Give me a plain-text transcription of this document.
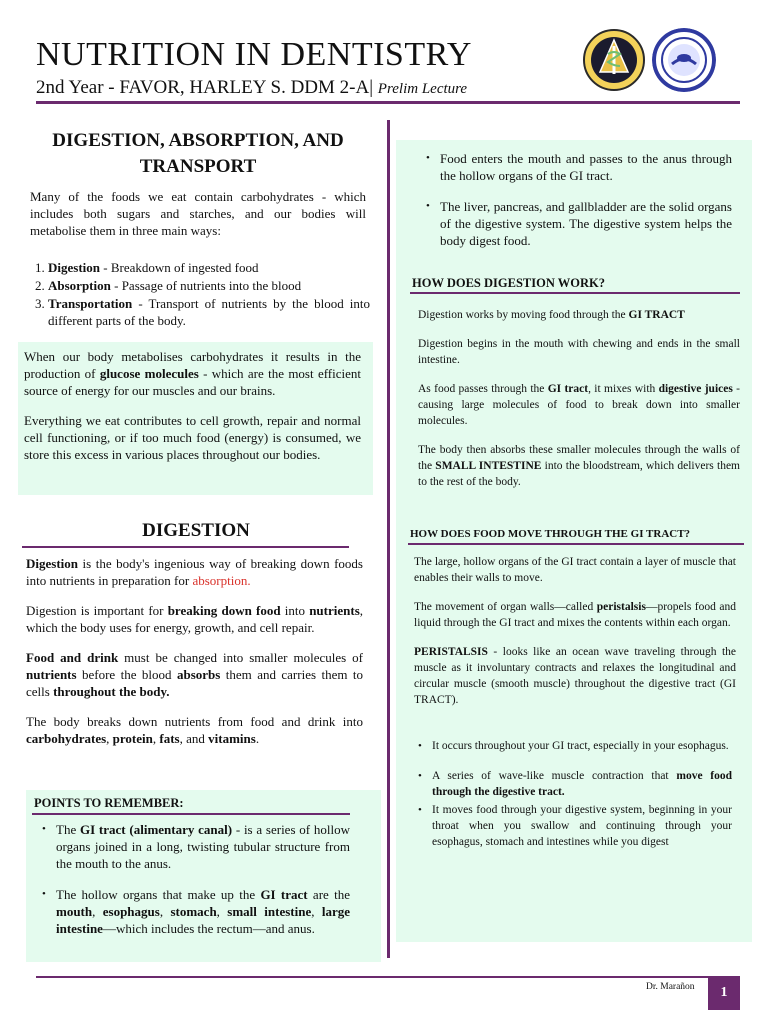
NUTRITION IN DENTISTRY
2nd Year - FAVOR, HARLEY S. DDM 2-A| Prelim Lecture
DIGESTION, ABSORPTION, AND TRANSPORT
Many of the foods we eat contain carbohydrates - which includes both sugars and starches, and our bodies will metabolise them in three main ways:
1. Digestion - Breakdown of ingested food
2. Absorption - Passage of nutrients into the blood
3. Transportation - Transport of nutrients by the blood into different parts of the body.

When our body metabolises carbohydrates it results in the production of glucose molecules - which are the most efficient source of energy for our muscles and our brains.

Everything we eat contributes to cell growth, repair and normal cell functioning, or if too much food (energy) is consumed, we store this excess in various places throughout our bodies.

DIGESTION

Digestion is the body's ingenious way of breaking down foods into nutrients in preparation for absorption.

Digestion is important for breaking down food into nutrients, which the body uses for energy, growth, and cell repair.

Food and drink must be changed into smaller molecules of nutrients before the blood absorbs them and carries them to cells throughout the body.

The body breaks down nutrients from food and drink into carbohydrates, protein, fats, and vitamins.

POINTS TO REMEMBER:
• The GI tract (alimentary canal) - is a series of hollow organs joined in a long, twisting tubular structure from the mouth to the anus.
• The hollow organs that make up the GI tract are the mouth, esophagus, stomach, small intestine, large intestine—which includes the rectum—and anus.
• Food enters the mouth and passes to the anus through the hollow organs of the GI tract.
• The liver, pancreas, and gallbladder are the solid organs of the digestive system. The digestive system helps the body digest food.
HOW DOES DIGESTION WORK?

Digestion works by moving food through the GI TRACT

Digestion begins in the mouth with chewing and ends in the small intestine.

As food passes through the GI tract, it mixes with digestive juices - causing large molecules of food to break down into smaller molecules.

The body then absorbs these smaller molecules through the walls of the SMALL INTESTINE into the bloodstream, which delivers them to the rest of the body.

HOW DOES FOOD MOVE THROUGH THE GI TRACT?

The large, hollow organs of the GI tract contain a layer of muscle that enables their walls to move.

The movement of organ walls—called peristalsis—propels food and liquid through the GI tract and mixes the contents within each organ.

PERISTALSIS - looks like an ocean wave traveling through the muscle as it involuntary contracts and relaxes the longitudinal and circular muscle (smooth muscle) throughout the digestive tract (GI TRACT).

• It occurs throughout your GI tract, especially in your esophagus.
• A series of wave-like muscle contraction that move food through the digestive tract.
• It moves food through your digestive system, beginning in your throat when you swallow and continuing through your esophagus, stomach and intestines while you digest
Dr. Marañon	1
